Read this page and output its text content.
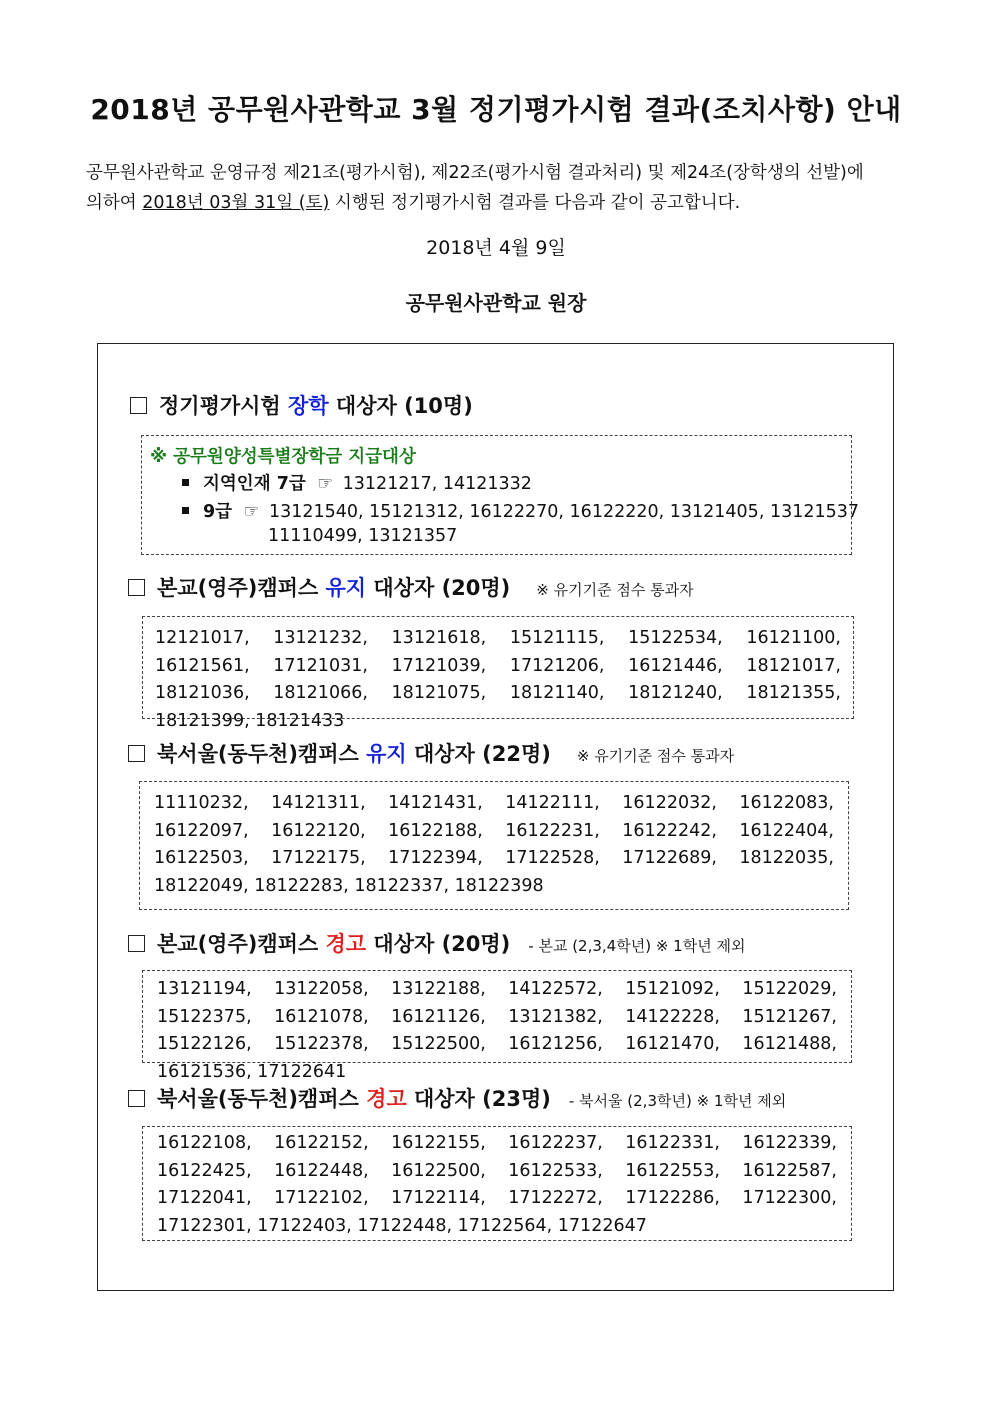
2018년 공무원사관학교 3월 정기평가시험 결과(조치사항) 안내
공무원사관학교 운영규정 제21조(평가시험), 제22조(평가시험 결과처리) 및 제24조(장학생의 선발)에
의하여 2018년 03월 31일 (토) 시행된 정기평가시험 결과를 다음과 같이 공고합니다.
2018년 4월 9일
공무원사관학교 원장
정기평가시험 장학 대상자 (10명)
※ 공무원양성특별장학금 지급대상
지역인재 7급 ☞ 13121217, 14121332
9급 ☞ 13121540, 15121312, 16122270, 16122220, 13121405, 13121537
11110499, 13121357
본교(영주)캠퍼스 유지 대상자 (20명) ※ 유기기준 점수 통과자
12121017, 13121232, 13121618, 15121115, 15122534, 16121100, 16121561, 17121031, 17121039, 17121206, 16121446, 18121017, 18121036, 18121066, 18121075, 18121140, 18121240, 18121355, 18121399, 18121433
북서울(동두천)캠퍼스 유지 대상자 (22명) ※ 유기기준 점수 통과자
11110232, 14121311, 14121431, 14122111, 16122032, 16122083, 16122097, 16122120, 16122188, 16122231, 16122242, 16122404, 16122503, 17122175, 17122394, 17122528, 17122689, 18122035, 18122049, 18122283, 18122337, 18122398
본교(영주)캠퍼스 경고 대상자 (20명) - 본교 (2,3,4학년) ※ 1학년 제외
13121194, 13122058, 13122188, 14122572, 15121092, 15122029, 15122375, 16121078, 16121126, 13121382, 14122228, 15121267, 15122126, 15122378, 15122500, 16121256, 16121470, 16121488, 16121536, 17122641
북서울(동두천)캠퍼스 경고 대상자 (23명) - 북서울 (2,3학년) ※ 1학년 제외
16122108, 16122152, 16122155, 16122237, 16122331, 16122339, 16122425, 16122448, 16122500, 16122533, 16122553, 16122587, 17122041, 17122102, 17122114, 17122272, 17122286, 17122300, 17122301, 17122403, 17122448, 17122564, 17122647
